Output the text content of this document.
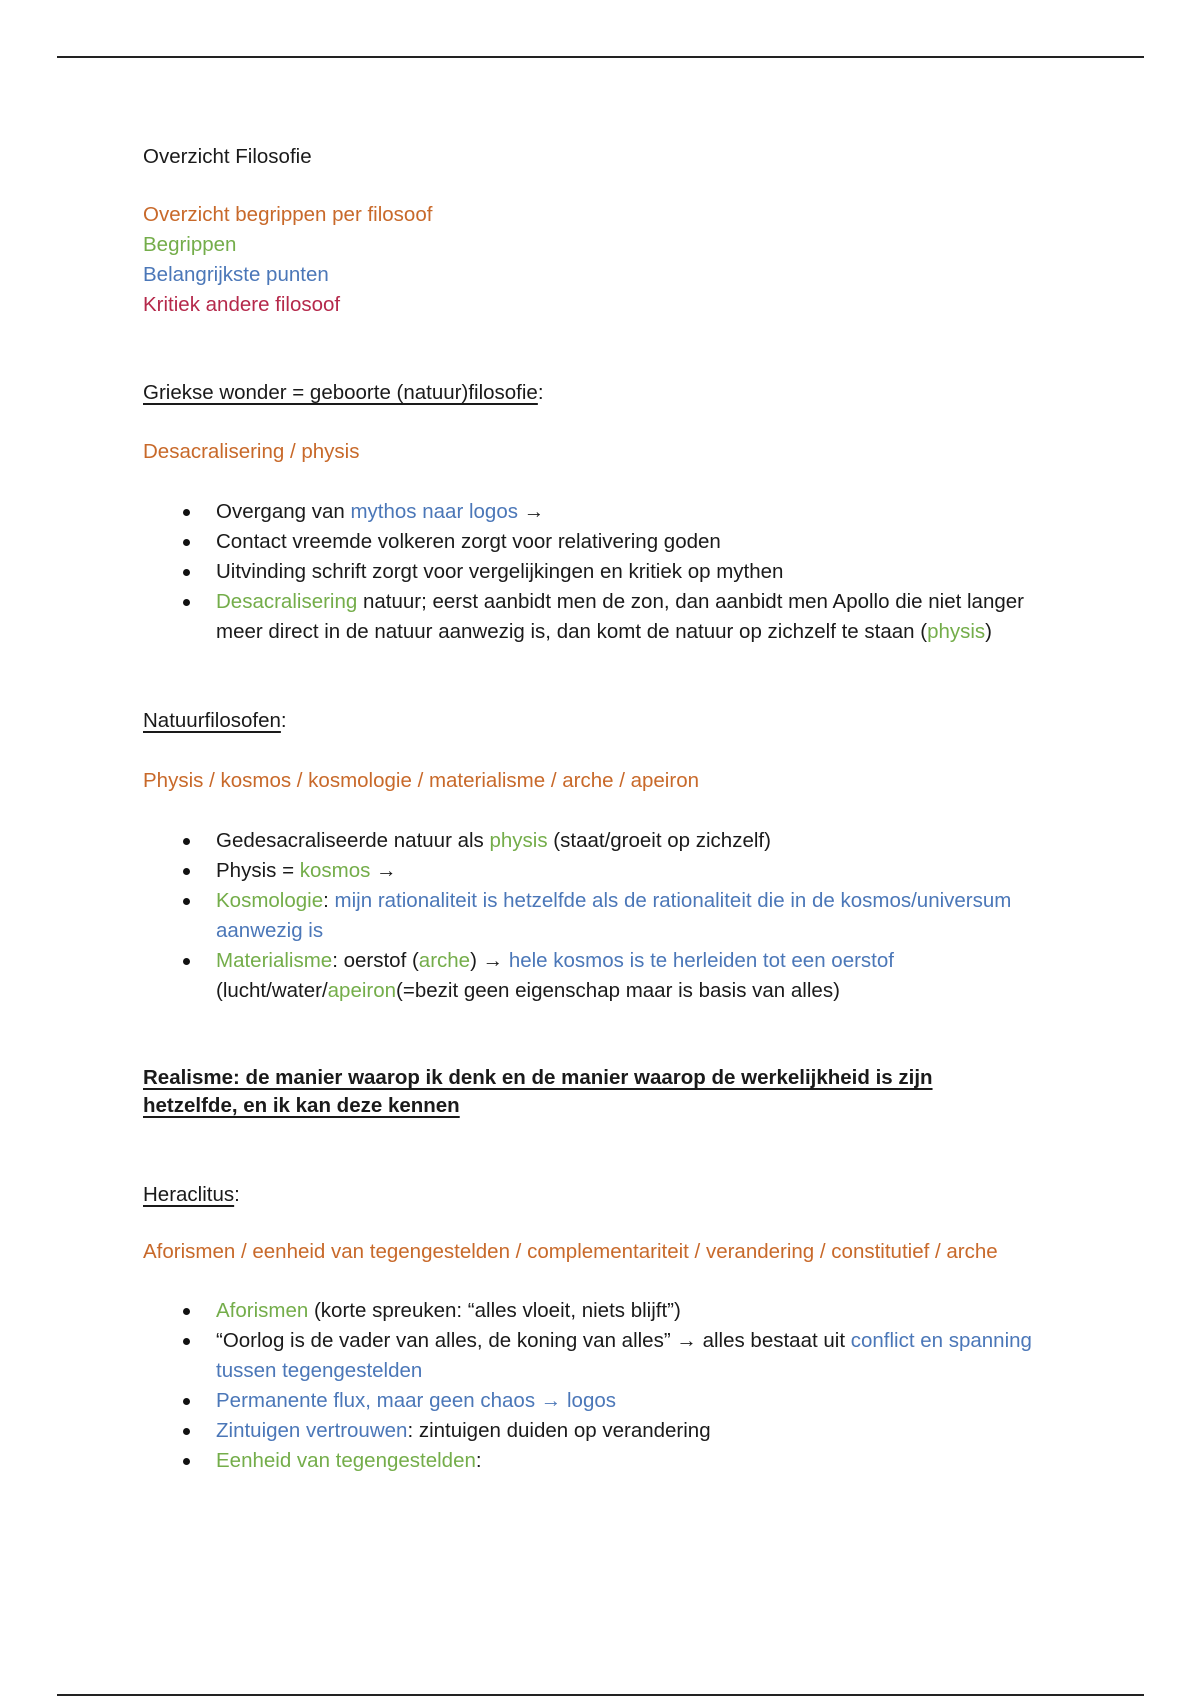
Overzicht Filosofie

Overzicht begrippen per filosoof

Begrippen

Belangrijkste punten

Kritiek andere filosoof

Griekse wonder = geboorte (natuur)filosofie:

Desacralisering / physis

Overgang van mythos naar logos →
Contact vreemde volkeren zorgt voor relativering goden
Uitvinding schrift zorgt voor vergelijkingen en kritiek op mythen
Desacralisering natuur; eerst aanbidt men de zon, dan aanbidt men Apollo die niet langer meer direct in de natuur aanwezig is, dan komt de natuur op zichzelf te staan (physis)

Natuurfilosofen:

Physis / kosmos / kosmologie / materialisme / arche / apeiron

Gedesacraliseerde natuur als physis (staat/groeit op zichzelf)
Physis = kosmos →
Kosmologie: mijn rationaliteit is hetzelfde als de rationaliteit die in de kosmos/universum aanwezig is
Materialisme: oerstof (arche) → hele kosmos is te herleiden tot een oerstof (lucht/water/apeiron(=bezit geen eigenschap maar is basis van alles)

Realisme: de manier waarop ik denk en de manier waarop de werkelijkheid is zijn hetzelfde, en ik kan deze kennen

Heraclitus:

Aforismen / eenheid van tegengestelden / complementariteit / verandering / constitutief / arche

Aforismen (korte spreuken: “alles vloeit, niets blijft”)
“Oorlog is de vader van alles, de koning van alles” → alles bestaat uit conflict en spanning tussen tegengestelden
Permanente flux, maar geen chaos → logos
Zintuigen vertrouwen: zintuigen duiden op verandering
Eenheid van tegengestelden:
